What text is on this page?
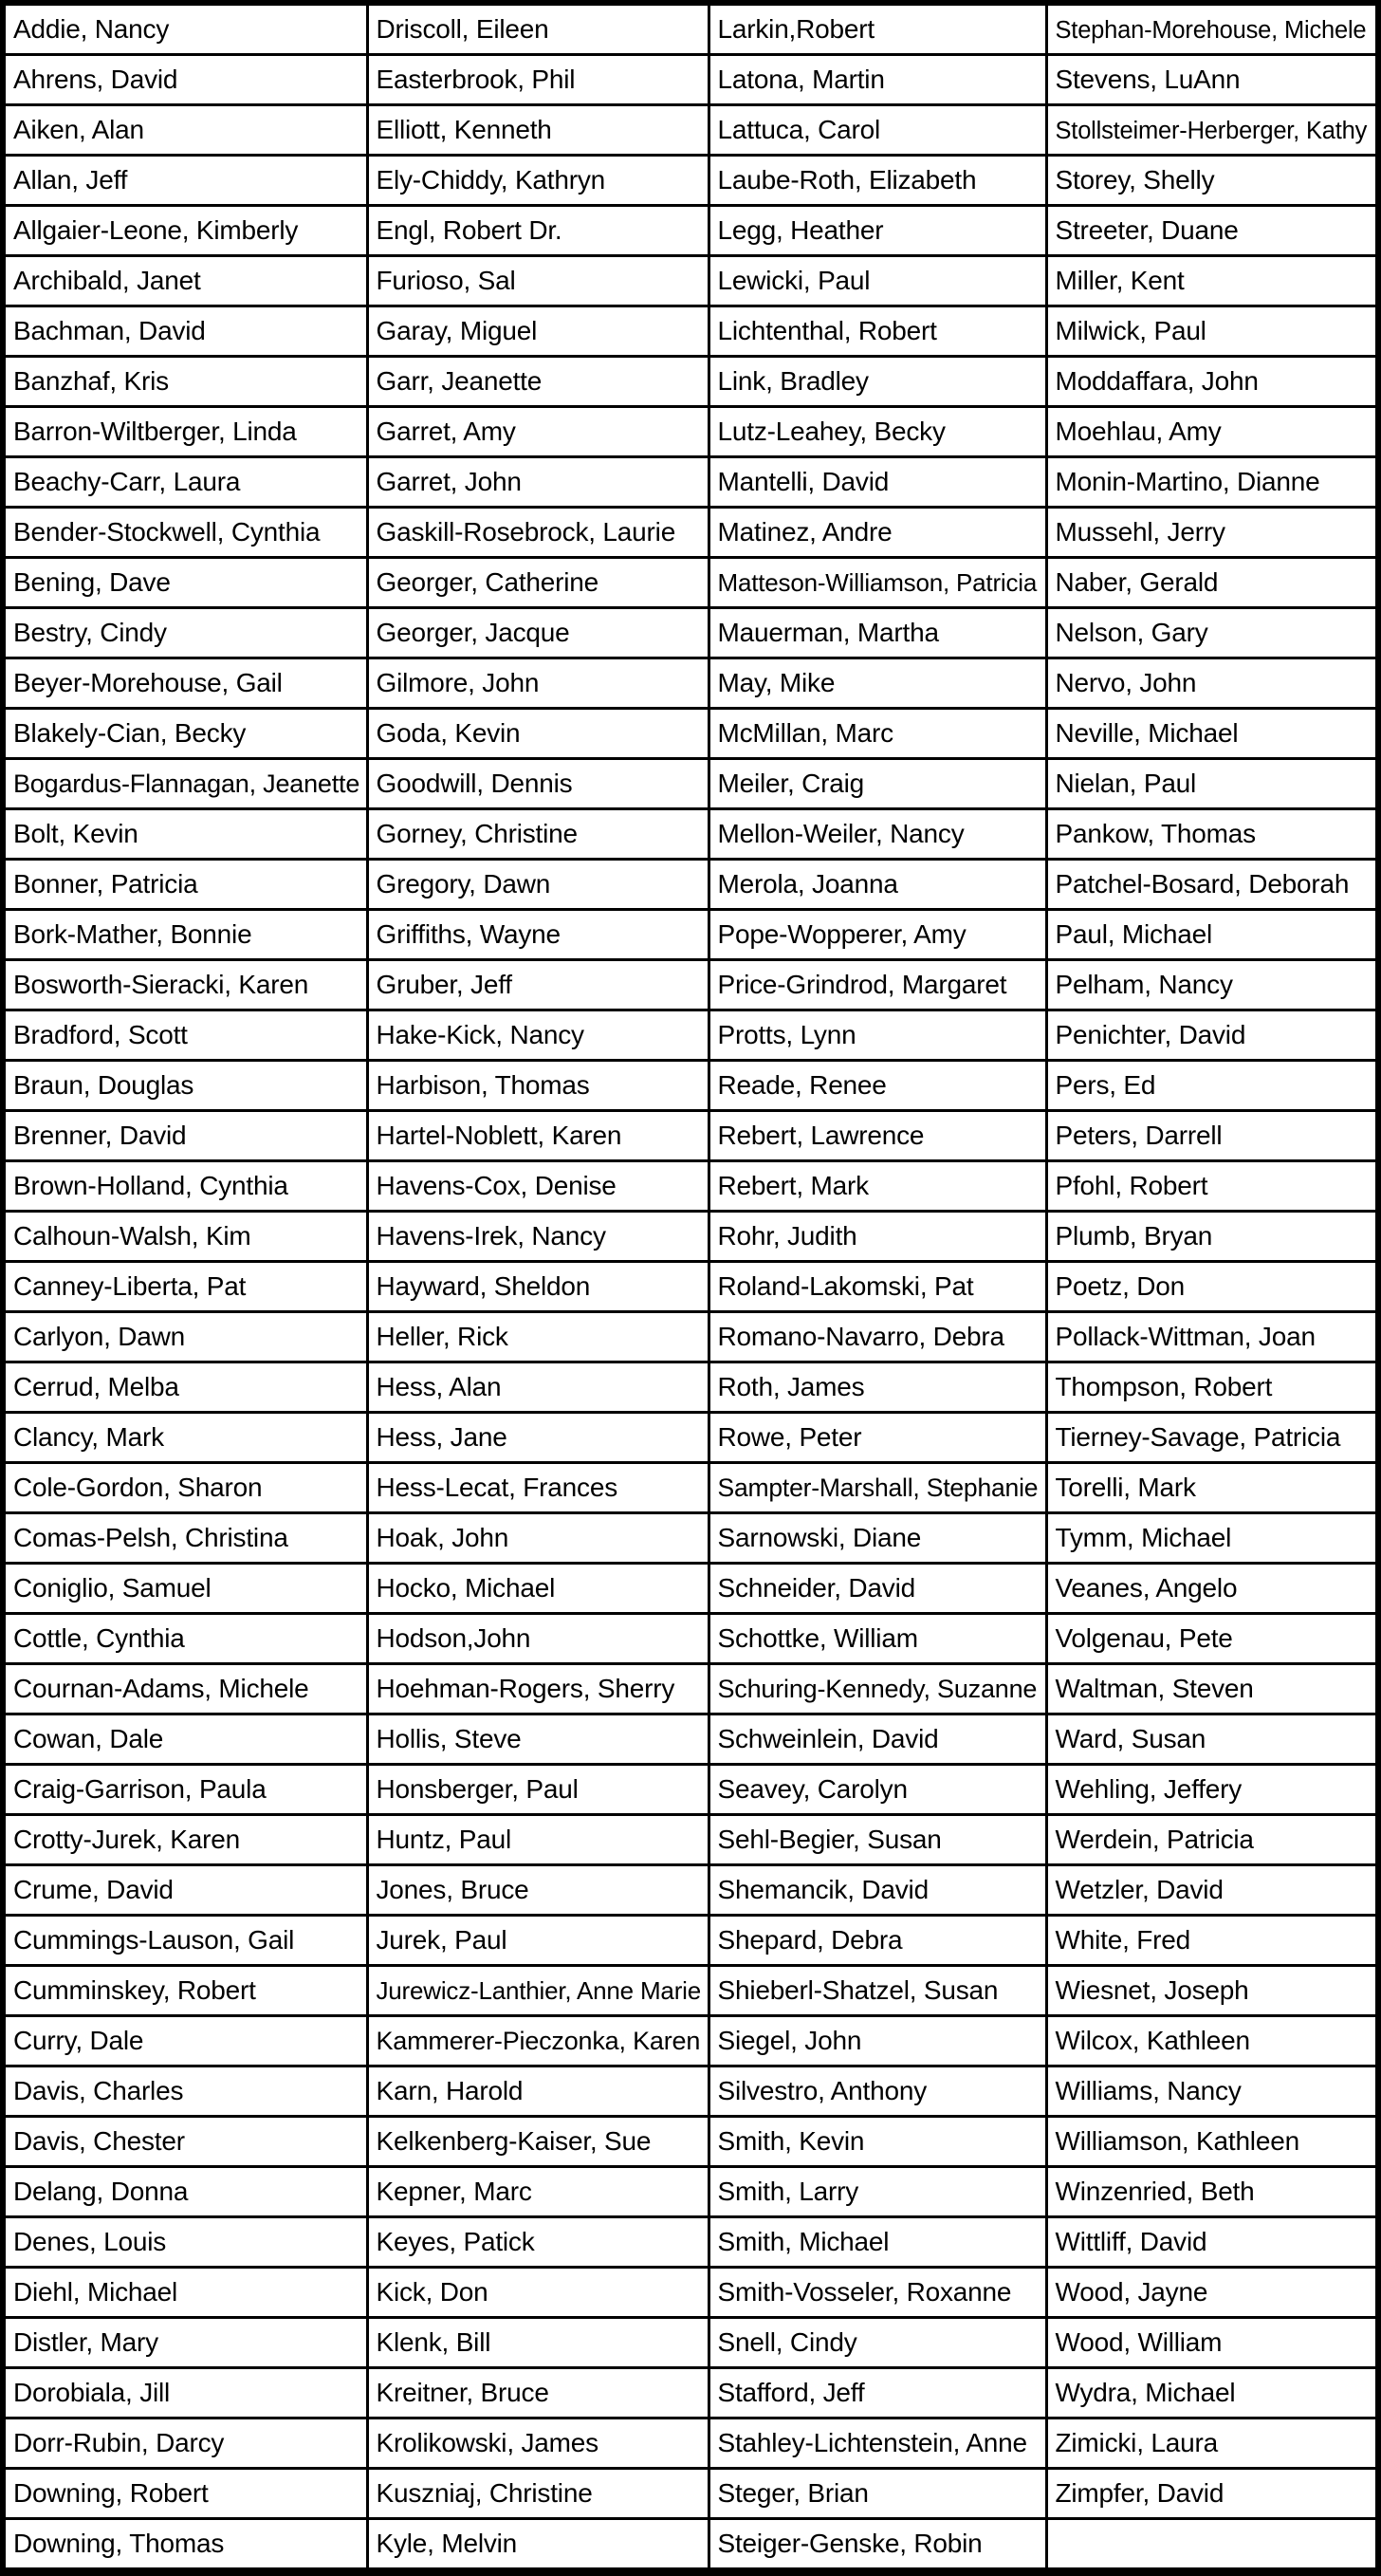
Addie, Nancy	Driscoll, Eileen	Larkin,Robert	Stephan-Morehouse, Michele
Ahrens, David	Easterbrook, Phil	Latona, Martin	Stevens, LuAnn
Aiken, Alan	Elliott, Kenneth	Lattuca, Carol	Stollsteimer-Herberger, Kathy
Allan, Jeff	Ely-Chiddy, Kathryn	Laube-Roth, Elizabeth	Storey, Shelly
Allgaier-Leone, Kimberly	Engl, Robert Dr.	Legg, Heather	Streeter, Duane
Archibald, Janet	Furioso, Sal	Lewicki, Paul	Miller, Kent
Bachman, David	Garay, Miguel	Lichtenthal, Robert	Milwick, Paul
Banzhaf, Kris	Garr, Jeanette	Link, Bradley	Moddaffara, John
Barron-Wiltberger, Linda	Garret, Amy	Lutz-Leahey, Becky	Moehlau, Amy
Beachy-Carr, Laura	Garret, John	Mantelli, David	Monin-Martino, Dianne
Bender-Stockwell, Cynthia	Gaskill-Rosebrock, Laurie	Matinez, Andre	Mussehl, Jerry
Bening, Dave	Georger, Catherine	Matteson-Williamson, Patricia	Naber, Gerald
Bestry, Cindy	Georger, Jacque	Mauerman, Martha	Nelson, Gary
Beyer-Morehouse, Gail	Gilmore, John	May, Mike	Nervo, John
Blakely-Cian, Becky	Goda, Kevin	McMillan, Marc	Neville, Michael
Bogardus-Flannagan, Jeanette	Goodwill, Dennis	Meiler, Craig	Nielan, Paul
Bolt, Kevin	Gorney, Christine	Mellon-Weiler, Nancy	Pankow, Thomas
Bonner, Patricia	Gregory, Dawn	Merola, Joanna	Patchel-Bosard, Deborah
Bork-Mather, Bonnie	Griffiths, Wayne	Pope-Wopperer, Amy	Paul, Michael
Bosworth-Sieracki, Karen	Gruber, Jeff	Price-Grindrod, Margaret	Pelham, Nancy
Bradford, Scott	Hake-Kick, Nancy	Protts, Lynn	Penichter, David
Braun, Douglas	Harbison, Thomas	Reade, Renee	Pers, Ed
Brenner, David	Hartel-Noblett, Karen	Rebert, Lawrence	Peters, Darrell
Brown-Holland, Cynthia	Havens-Cox, Denise	Rebert, Mark	Pfohl, Robert
Calhoun-Walsh, Kim	Havens-Irek, Nancy	Rohr, Judith	Plumb, Bryan
Canney-Liberta, Pat	Hayward, Sheldon	Roland-Lakomski, Pat	Poetz, Don
Carlyon, Dawn	Heller, Rick	Romano-Navarro, Debra	Pollack-Wittman, Joan
Cerrud, Melba	Hess, Alan	Roth, James	Thompson, Robert
Clancy, Mark	Hess, Jane	Rowe, Peter	Tierney-Savage, Patricia
Cole-Gordon, Sharon	Hess-Lecat, Frances	Sampter-Marshall, Stephanie	Torelli, Mark
Comas-Pelsh, Christina	Hoak, John	Sarnowski, Diane	Tymm, Michael
Coniglio, Samuel	Hocko, Michael	Schneider, David	Veanes, Angelo
Cottle, Cynthia	Hodson,John	Schottke, William	Volgenau, Pete
Cournan-Adams, Michele	Hoehman-Rogers, Sherry	Schuring-Kennedy, Suzanne	Waltman, Steven
Cowan, Dale	Hollis, Steve	Schweinlein, David	Ward, Susan
Craig-Garrison, Paula	Honsberger, Paul	Seavey, Carolyn	Wehling, Jeffery
Crotty-Jurek, Karen	Huntz, Paul	Sehl-Begier, Susan	Werdein, Patricia
Crume, David	Jones, Bruce	Shemancik, David	Wetzler, David
Cummings-Lauson, Gail	Jurek, Paul	Shepard, Debra	White, Fred
Cumminskey, Robert	Jurewicz-Lanthier, Anne Marie	Shieberl-Shatzel, Susan	Wiesnet, Joseph
Curry, Dale	Kammerer-Pieczonka, Karen	Siegel, John	Wilcox, Kathleen
Davis, Charles	Karn, Harold	Silvestro, Anthony	Williams, Nancy
Davis, Chester	Kelkenberg-Kaiser, Sue	Smith, Kevin	Williamson, Kathleen
Delang, Donna	Kepner, Marc	Smith, Larry	Winzenried, Beth
Denes, Louis	Keyes, Patick	Smith, Michael	Wittliff, David
Diehl, Michael	Kick, Don	Smith-Vosseler, Roxanne	Wood, Jayne
Distler, Mary	Klenk, Bill	Snell, Cindy	Wood, William
Dorobiala, Jill	Kreitner, Bruce	Stafford, Jeff	Wydra, Michael
Dorr-Rubin, Darcy	Krolikowski, James	Stahley-Lichtenstein, Anne	Zimicki, Laura
Downing, Robert	Kuszniaj, Christine	Steger, Brian	Zimpfer, David
Downing, Thomas	Kyle, Melvin	Steiger-Genske, Robin	
